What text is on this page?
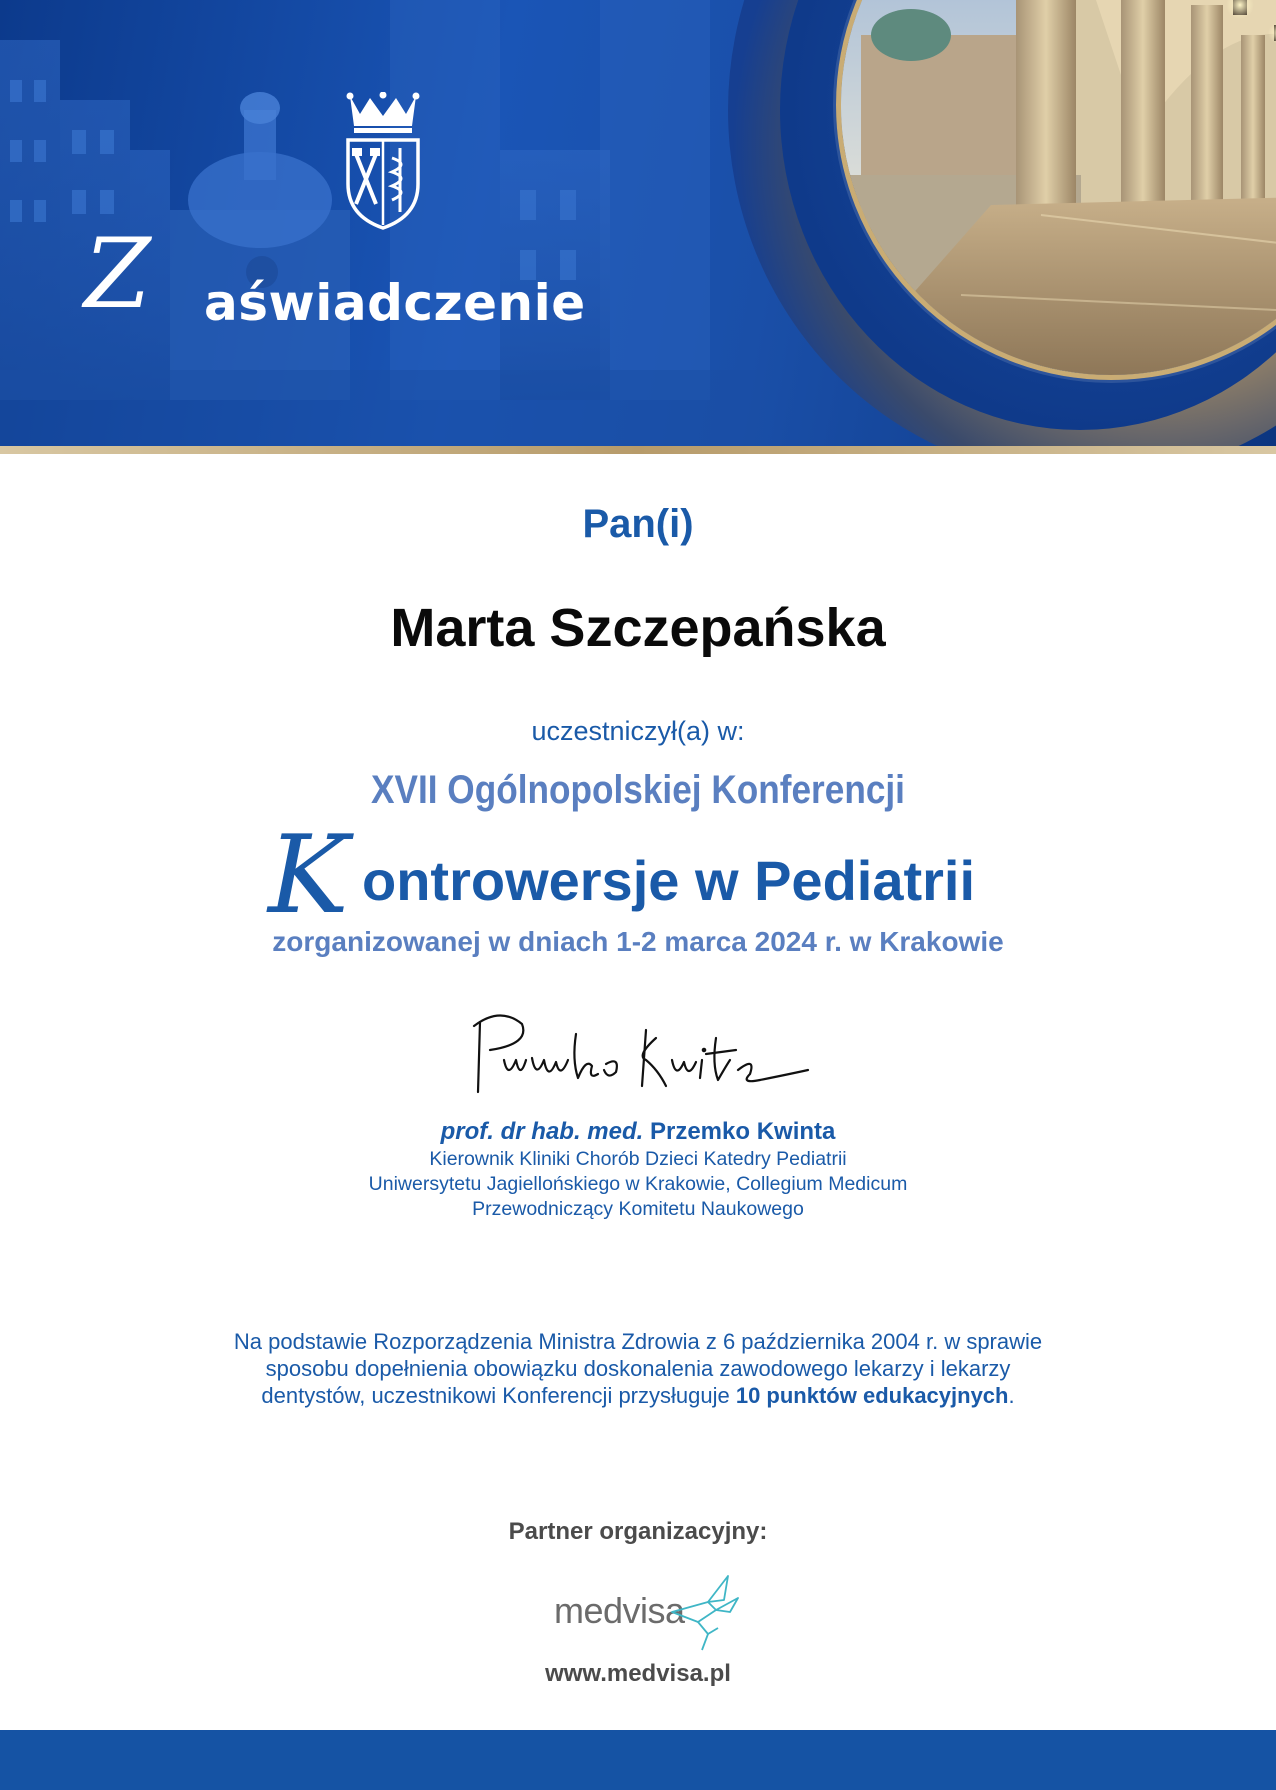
Z aświadczenie
Pan(i)
Marta Szczepańska
uczestniczył(a) w:
XVII Ogólnopolskiej Konferencji
K ontrowersje w Pediatrii
zorganizowanej w dniach 1-2 marca 2024 r. w Krakowie
prof. dr hab. med. Przemko Kwinta
Kierownik Kliniki Chorób Dzieci Katedry Pediatrii
Uniwersytetu Jagiellońskiego w Krakowie, Collegium Medicum
Przewodniczący Komitetu Naukowego
Na podstawie Rozporządzenia Ministra Zdrowia z 6 października 2004 r. w sprawie
sposobu dopełnienia obowiązku doskonalenia zawodowego lekarzy i lekarzy
dentystów, uczestnikowi Konferencji przysługuje 10 punktów edukacyjnych.
Partner organizacyjny:
medvisa
www.medvisa.pl
